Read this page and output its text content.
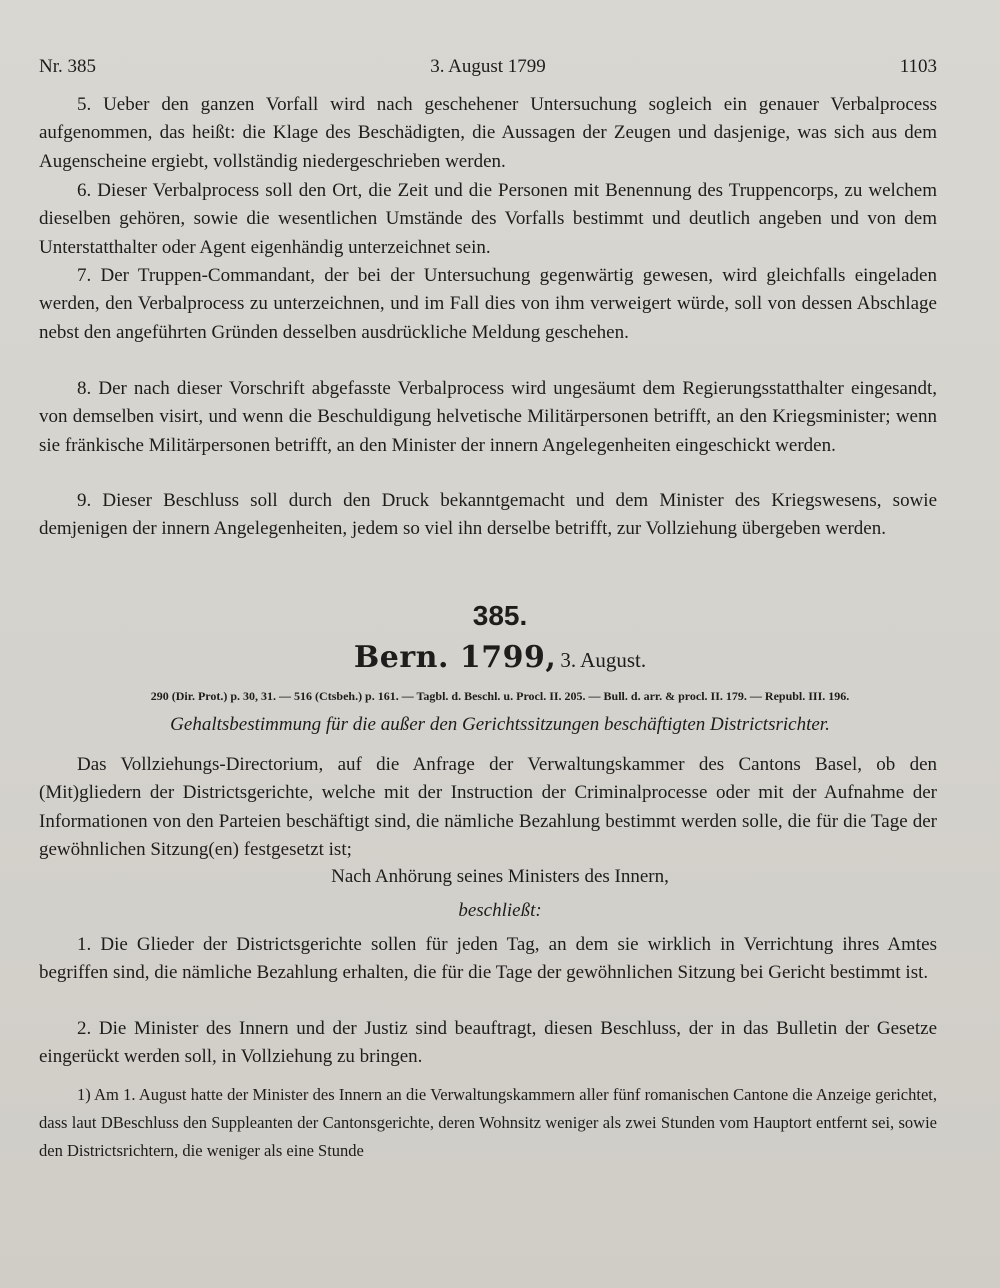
Nr. 385	3. August 1799	1103

5. Ueber den ganzen Vorfall wird nach geschehener Untersuchung sogleich ein genauer Verbalprocess aufgenommen, das heißt: die Klage des Beschädigten, die Aussagen der Zeugen und dasjenige, was sich aus dem Augenscheine ergiebt, vollständig niedergeschrieben werden.

6. Dieser Verbalprocess soll den Ort, die Zeit und die Personen mit Benennung des Truppencorps, zu welchem dieselben gehören, sowie die wesentlichen Umstände des Vorfalls bestimmt und deutlich angeben und von dem Unterstatthalter oder Agent eigenhändig unterzeichnet sein.

7. Der Truppen-Commandant, der bei der Untersuchung gegenwärtig gewesen, wird gleichfalls eingeladen werden, den Verbalprocess zu unterzeichnen, und im Fall dies von ihm verweigert würde, soll von dessen Abschlage nebst den angeführten Gründen desselben ausdrückliche Meldung geschehen.

8. Der nach dieser Vorschrift abgefasste Verbalprocess wird ungesäumt dem Regierungsstatthalter eingesandt, von demselben visirt, und wenn die Beschuldigung helvetische Militärpersonen betrifft, an den Kriegsminister; wenn sie fränkische Militärpersonen betrifft, an den Minister der innern Angelegenheiten eingeschickt werden.

9. Dieser Beschluss soll durch den Druck bekanntgemacht und dem Minister des Kriegswesens, sowie demjenigen der innern Angelegenheiten, jedem so viel ihn derselbe betrifft, zur Vollziehung übergeben werden.

385.
Bern. 1799, 3. August.
290 (Dir. Prot.) p. 30, 31. — 516 (Ctsbeh.) p. 161. — Tagbl. d. Beschl. u. Procl. II. 205. — Bull. d. arr. & procl. II. 179. — Republ. III. 196.
Gehaltsbestimmung für die außer den Gerichtssitzungen beschäftigten Districtsrichter.

Das Vollziehungs-Directorium, auf die Anfrage der Verwaltungskammer des Cantons Basel, ob den (Mit)gliedern der Districtsgerichte, welche mit der Instruction der Criminalprocesse oder mit der Aufnahme der Informationen von den Parteien beschäftigt sind, die nämliche Bezahlung bestimmt werden solle, die für die Tage der gewöhnlichen Sitzung(en) festgesetzt ist;

Nach Anhörung seines Ministers des Innern,
beschließt:

1. Die Glieder der Districtsgerichte sollen für jeden Tag, an dem sie wirklich in Verrichtung ihres Amtes begriffen sind, die nämliche Bezahlung erhalten, die für die Tage der gewöhnlichen Sitzung bei Gericht bestimmt ist.

2. Die Minister des Innern und der Justiz sind beauftragt, diesen Beschluss, der in das Bulletin der Gesetze eingerückt werden soll, in Vollziehung zu bringen.

1) Am 1. August hatte der Minister des Innern an die Verwaltungskammern aller fünf romanischen Cantone die Anzeige gerichtet, dass laut DBeschluss den Suppleanten der Cantonsgerichte, deren Wohnsitz weniger als zwei Stunden vom Hauptort entfernt sei, sowie den Districtsrichtern, die weniger als eine Stunde
